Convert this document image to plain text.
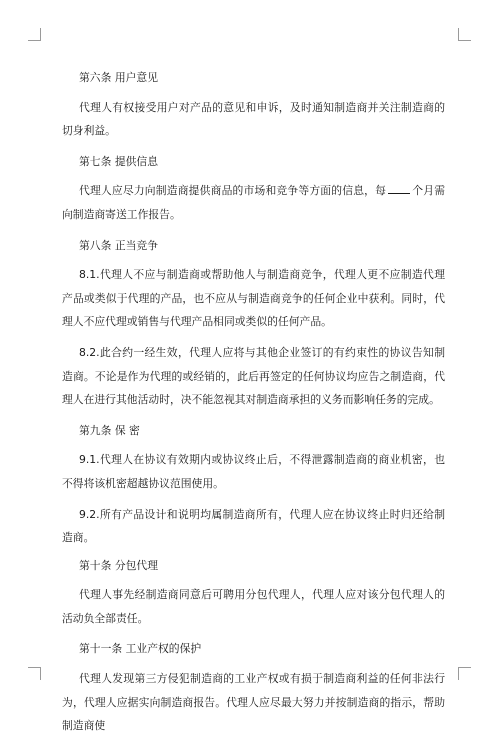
第六条 用户意见

代理人有权接受用户对产品的意见和申诉，及时通知制造商并关注制造商的切身利益。

第七条 提供信息

代理人应尽力向制造商提供商品的市场和竞争等方面的信息，每 个月需向制造商寄送工作报告。

第八条 正当竞争

8.1.代理人不应与制造商或帮助他人与制造商竞争，代理人更不应制造代理产品或类似于代理的产品，也不应从与制造商竞争的任何企业中获利。同时，代理人不应代理或销售与代理产品相同或类似的任何产品。

8.2.此合约一经生效，代理人应将与其他企业签订的有约束性的协议告知制造商。不论是作为代理的或经销的，此后再签定的任何协议均应告之制造商，代理人在进行其他活动时，决不能忽视其对制造商承担的义务而影响任务的完成。

第九条 保 密

9.1.代理人在协议有效期内或协议终止后，不得泄露制造商的商业机密，也不得将该机密超越协议范围使用。

9.2.所有产品设计和说明均属制造商所有，代理人应在协议终止时归还给制造商。

第十条 分包代理

代理人事先经制造商同意后可聘用分包代理人，代理人应对该分包代理人的活动负全部责任。

第十一条 工业产权的保护

代理人发现第三方侵犯制造商的工业产权或有损于制造商利益的任何非法行为，代理人应据实向制造商报告。代理人应尽最大努力并按制造商的指示，帮助制造商使
